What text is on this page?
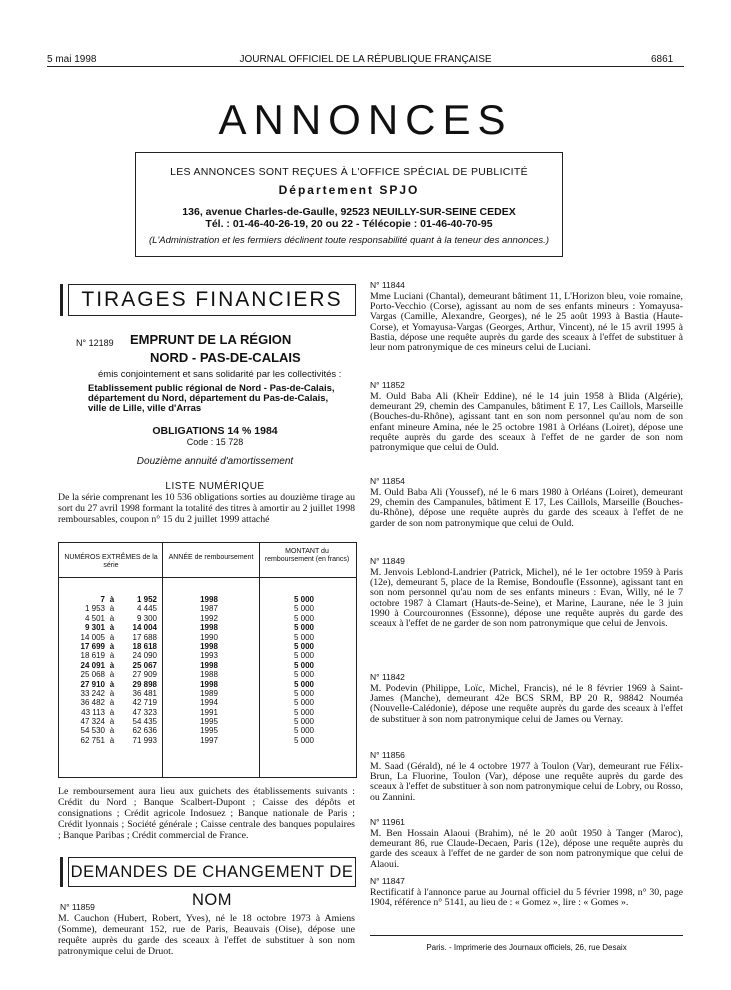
5 mai 1998	JOURNAL OFFICIEL DE LA RÉPUBLIQUE FRANÇAISE	6861
ANNONCES
LES ANNONCES SONT REÇUES À L'OFFICE SPÉCIAL DE PUBLICITÉ
Département SPJO
136, avenue Charles-de-Gaulle, 92523 NEUILLY-SUR-SEINE CEDEX
Tél. : 01-46-40-26-19, 20 ou 22 - Télécopie : 01-46-40-70-95
(L'Administration et les fermiers déclinent toute responsabilité quant à la teneur des annonces.)
TIRAGES FINANCIERS
N° 12189 EMPRUNT DE LA RÉGION
NORD - PAS-DE-CALAIS
émis conjointement et sans solidarité par les collectivités :
Etablissement public régional de Nord - Pas-de-Calais,
département du Nord, département du Pas-de-Calais,
ville de Lille, ville d'Arras
OBLIGATIONS 14 % 1984
Code : 15 728
Douzième annuité d'amortissement
LISTE NUMÉRIQUE
De la série comprenant les 10 536 obligations sorties au douzième tirage au sort du 27 avril 1998 formant la totalité des titres à amortir au 2 juillet 1998 remboursables, coupon n° 15 du 2 juillet 1999 attaché
NUMÉROS EXTRÊMES de la série
ANNÉE de remboursement
MONTANT du remboursement (en francs)
7 à	1 952	1998	5 000
1 953 à	4 445	1987	5 000
4 501 à	9 300	1992	5 000
9 301 à	14 004	1998	5 000
14 005 à	17 688	1990	5 000
17 699 à	18 618	1998	5 000
18 619 à	24 090	1993	5 000
24 091 à	25 067	1998	5 000
25 068 à	27 909	1988	5 000
27 910 à	29 898	1998	5 000
33 242 à	36 481	1989	5 000
36 482 à	42 719	1994	5 000
43 113 à	47 323	1991	5 000
47 324 à	54 435	1995	5 000
54 530 à	62 636	1995	5 000
62 751 à	71 993	1997	5 000
Le remboursement aura lieu aux guichets des établissements suivants : Crédit du Nord ; Banque Scalbert-Dupont ; Caisse des dépôts et consignations ; Crédit agricole Indosuez ; Banque nationale de Paris ; Crédit lyonnais ; Société générale ; Caisse centrale des banques populaires ; Banque Paribas ; Crédit commercial de France.
DEMANDES DE CHANGEMENT DE NOM
N° 11859
M. Cauchon (Hubert, Robert, Yves), né le 18 octobre 1973 à Amiens (Somme), demeurant 152, rue de Paris, Beauvais (Oise), dépose une requête auprès du garde des sceaux à l'effet de substituer à son nom patronymique celui de Druot.
N° 11844
Mme Luciani (Chantal), demeurant bâtiment 11, L'Horizon bleu, voie romaine, Porto-Vecchio (Corse), agissant au nom de ses enfants mineurs : Yomayusa-Vargas (Camille, Alexandre, Georges), né le 25 août 1993 à Bastia (Haute-Corse), et Yomayusa-Vargas (Georges, Arthur, Vincent), né le 15 avril 1995 à Bastia, dépose une requête auprès du garde des sceaux à l'effet de substituer à leur nom patronymique de ces mineurs celui de Luciani.
N° 11852
M. Ould Baba Ali (Kheïr Eddine), né le 14 juin 1958 à Blida (Algérie), demeurant 29, chemin des Campanules, bâtiment E 17, Les Caillols, Marseille (Bouches-du-Rhône), agissant tant en son nom personnel qu'au nom de son enfant mineure Amina, née le 25 octobre 1981 à Orléans (Loiret), dépose une requête auprès du garde des sceaux à l'effet de ne garder de son nom patronymique que celui de Ould.
N° 11854
M. Ould Baba Ali (Youssef), né le 6 mars 1980 à Orléans (Loiret), demeurant 29, chemin des Campanules, bâtiment E 17, Les Caillols, Marseille (Bouches-du-Rhône), dépose une requête auprès du garde des sceaux à l'effet de ne garder de son nom patronymique que celui de Ould.
N° 11849
M. Jenvois Leblond-Landrier (Patrick, Michel), né le 1er octobre 1959 à Paris (12e), demeurant 5, place de la Remise, Bondoufle (Essonne), agissant tant en son nom personnel qu'au nom de ses enfants mineurs : Evan, Willy, né le 7 octobre 1987 à Clamart (Hauts-de-Seine), et Marine, Laurane, née le 3 juin 1990 à Courcouronnes (Essonne), dépose une requête auprès du garde des sceaux à l'effet de ne garder de son nom patronymique que celui de Jenvois.
N° 11842
M. Podevin (Philippe, Loïc, Michel, Francis), né le 8 février 1969 à Saint-James (Manche), demeurant 42e BCS SRM, BP 20 R, 98842 Nouméa (Nouvelle-Calédonie), dépose une requête auprès du garde des sceaux à l'effet de substituer à son nom patronymique celui de James ou Vernay.
N° 11856
M. Saad (Gérald), né le 4 octobre 1977 à Toulon (Var), demeurant rue Félix-Brun, La Fluorine, Toulon (Var), dépose une requête auprès du garde des sceaux à l'effet de substituer à son nom patronymique celui de Lobry, ou Rosso, ou Zannini.
N° 11961
M. Ben Hossain Alaoui (Brahim), né le 20 août 1950 à Tanger (Maroc), demeurant 86, rue Claude-Decaen, Paris (12e), dépose une requête auprès du garde des sceaux à l'effet de ne garder de son nom patronymique que celui de Alaoui.
N° 11847
Rectificatif à l'annonce parue au Journal officiel du 5 février 1998, n° 30, page 1904, référence n° 5141, au lieu de : « Gomez », lire : « Gomes ».
Paris. - Imprimerie des Journaux officiels, 26, rue Desaix
